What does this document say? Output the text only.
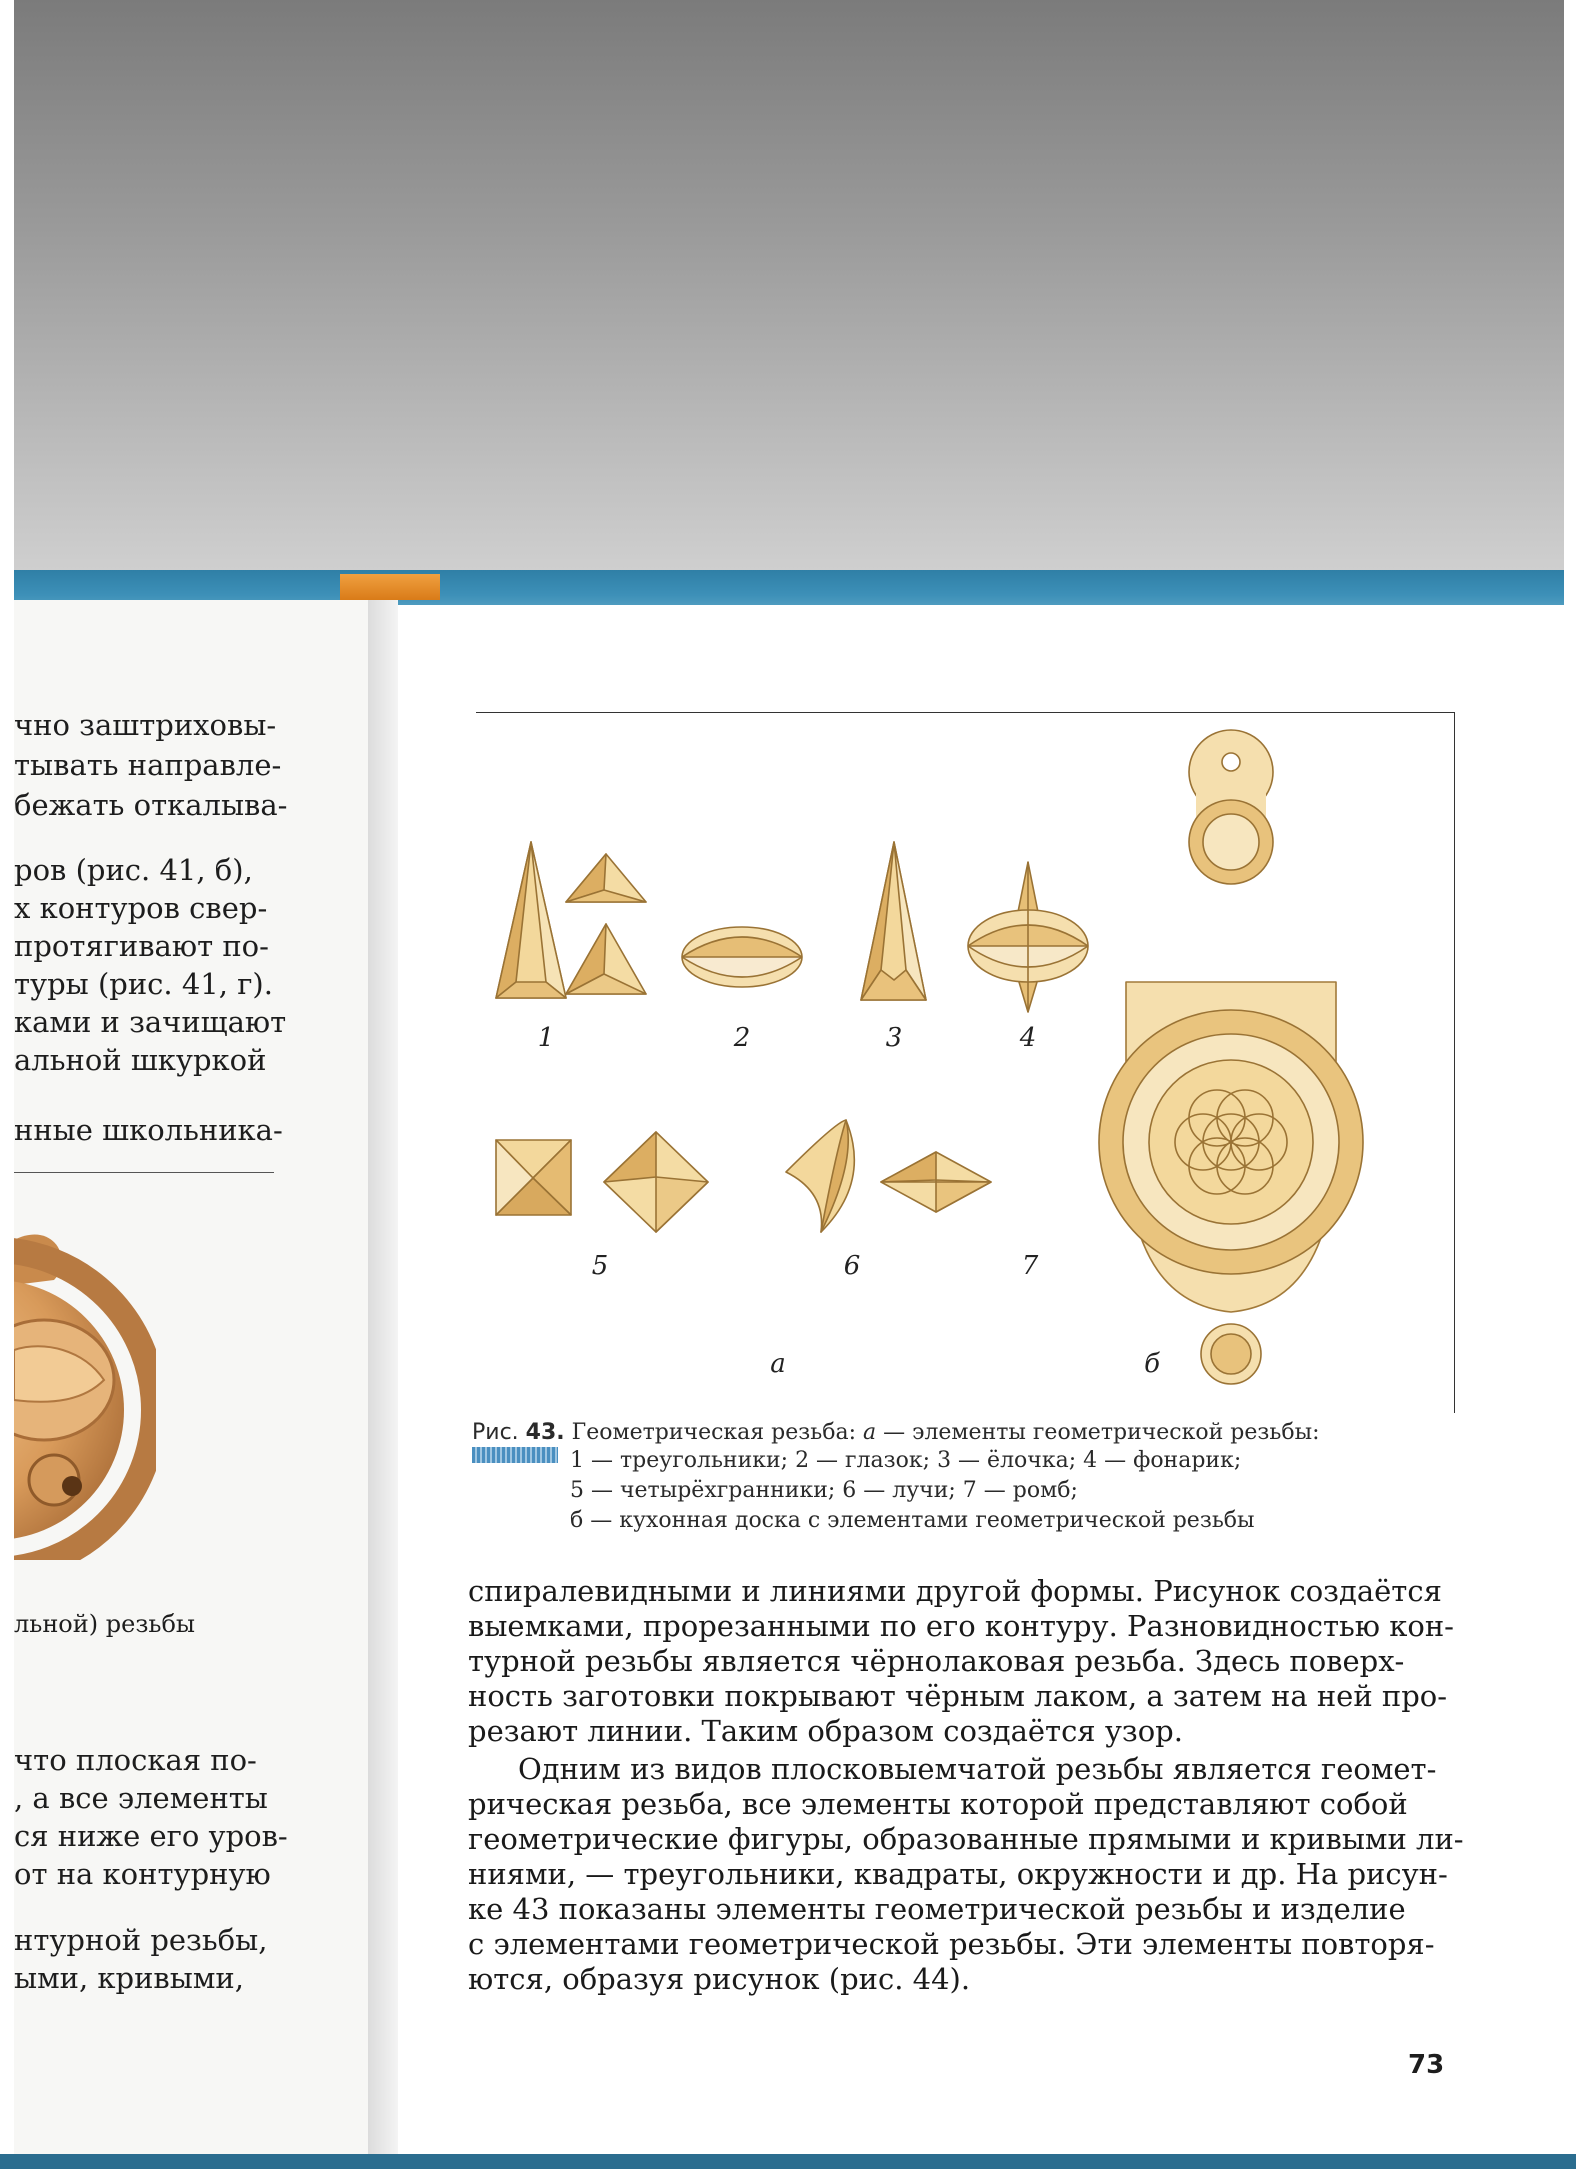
чно заштриховы-
тывать направле-
бежать откалыва-
ров (рис. 41, б),
х контуров свер-
протягивают по-
туры (рис. 41, г).
ками и зачищают
альной шкуркой
нные школьника-
льной) резьбы
что плоская по-
, а все элементы
ся ниже его уров-
от на контурную
нтурной резьбы,
ыми, кривыми,
1	2	3	4
5	6	7
а	б
Рис. 43. Геометрическая резьба: а — элементы геометрической резьбы:
1 — треугольники; 2 — глазок; 3 — ёлочка; 4 — фонарик;
5 — четырёхгранники; 6 — лучи; 7 — ромб;
б — кухонная доска с элементами геометрической резьбы
спиралевидными и линиями другой формы. Рисунок создаётся
выемками, прорезанными по его контуру. Разновидностью кон-
турной резьбы является чёрнолаковая резьба. Здесь поверх-
ность заготовки покрывают чёрным лаком, а затем на ней про-
резают линии. Таким образом создаётся узор.
Одним из видов плосковыемчатой резьбы является геомет-
рическая резьба, все элементы которой представляют собой
геометрические фигуры, образованные прямыми и кривыми ли-
ниями, — треугольники, квадраты, окружности и др. На рисун-
ке 43 показаны элементы геометрической резьбы и изделие
с элементами геометрической резьбы. Эти элементы повторя-
ются, образуя рисунок (рис. 44).
73
